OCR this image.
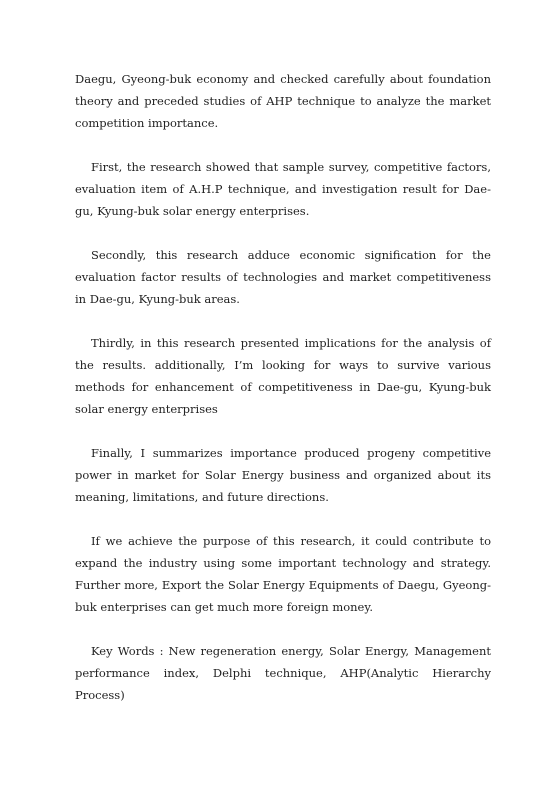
Daegu, Gyeong-buk economy and checked carefully about foundation theory and preceded studies of AHP technique to analyze the market competition importance.

First, the research showed that sample survey, competitive factors, evaluation item of A.H.P technique, and investigation result for Dae-gu, Kyung-buk solar energy enterprises.

Secondly, this research adduce economic signification for the evaluation factor results of technologies and market competitiveness in Dae-gu, Kyung-buk areas.

Thirdly, in this research presented implications for the analysis of the results. additionally, I’m looking for ways to survive various methods for enhancement of competitiveness in Dae-gu, Kyung-buk solar energy enterprises

Finally, I summarizes importance produced progeny competitive power in market for Solar Energy business and organized about its meaning, limitations, and future directions.

If we achieve the purpose of this research, it could contribute to expand the industry using some important technology and strategy. Further more, Export the Solar Energy Equipments of Daegu, Gyeong-buk enterprises can get much more foreign money.

Key Words : New regeneration energy, Solar Energy, Management performance index, Delphi technique, AHP(Analytic Hierarchy Process)
